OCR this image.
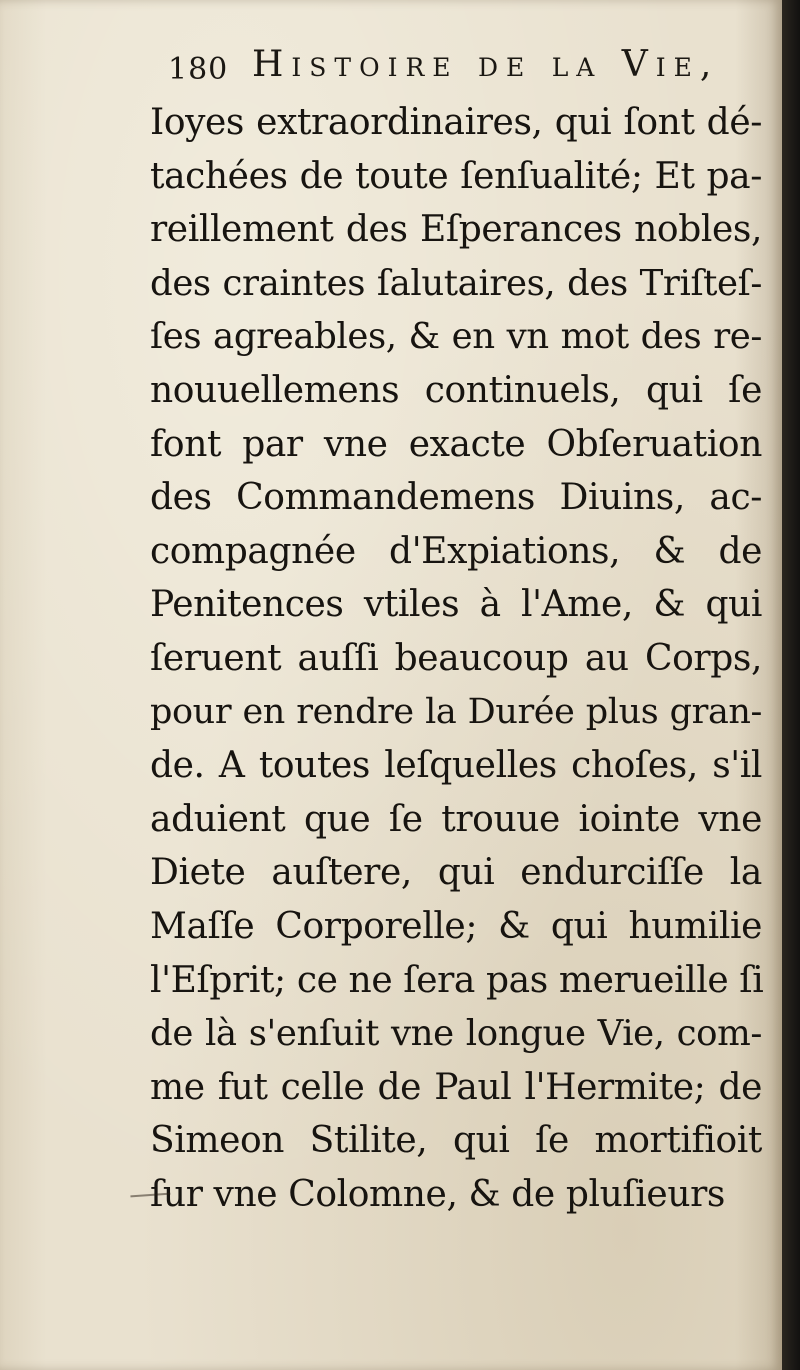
180 Histoire de la Vie,
Ioyes extraordinaires, qui ſont dé-
tachées de toute ſenſualité; Et pa-
reillement des Eſperances nobles,
des craintes ſalutaires, des Triſteſ-
ſes agreables, & en vn mot des re-
nouuellemens continuels, qui ſe
font par vne exacte Obſeruation
des Commandemens Diuins, ac-
compagnée d'Expiations, & de
Penitences vtiles à l'Ame, & qui
ſeruent auſſi beaucoup au Corps,
pour en rendre la Durée plus gran-
de. A toutes leſquelles choſes, s'il
aduient que ſe trouue iointe vne
Diete auſtere, qui endurciſſe la
Maſſe Corporelle; & qui humilie
l'Eſprit; ce ne ſera pas merueille ſi
de là s'enſuit vne longue Vie, com-
me fut celle de Paul l'Hermite; de
Simeon Stilite, qui ſe mortifioit
ſur vne Colomne, & de pluſieurs
